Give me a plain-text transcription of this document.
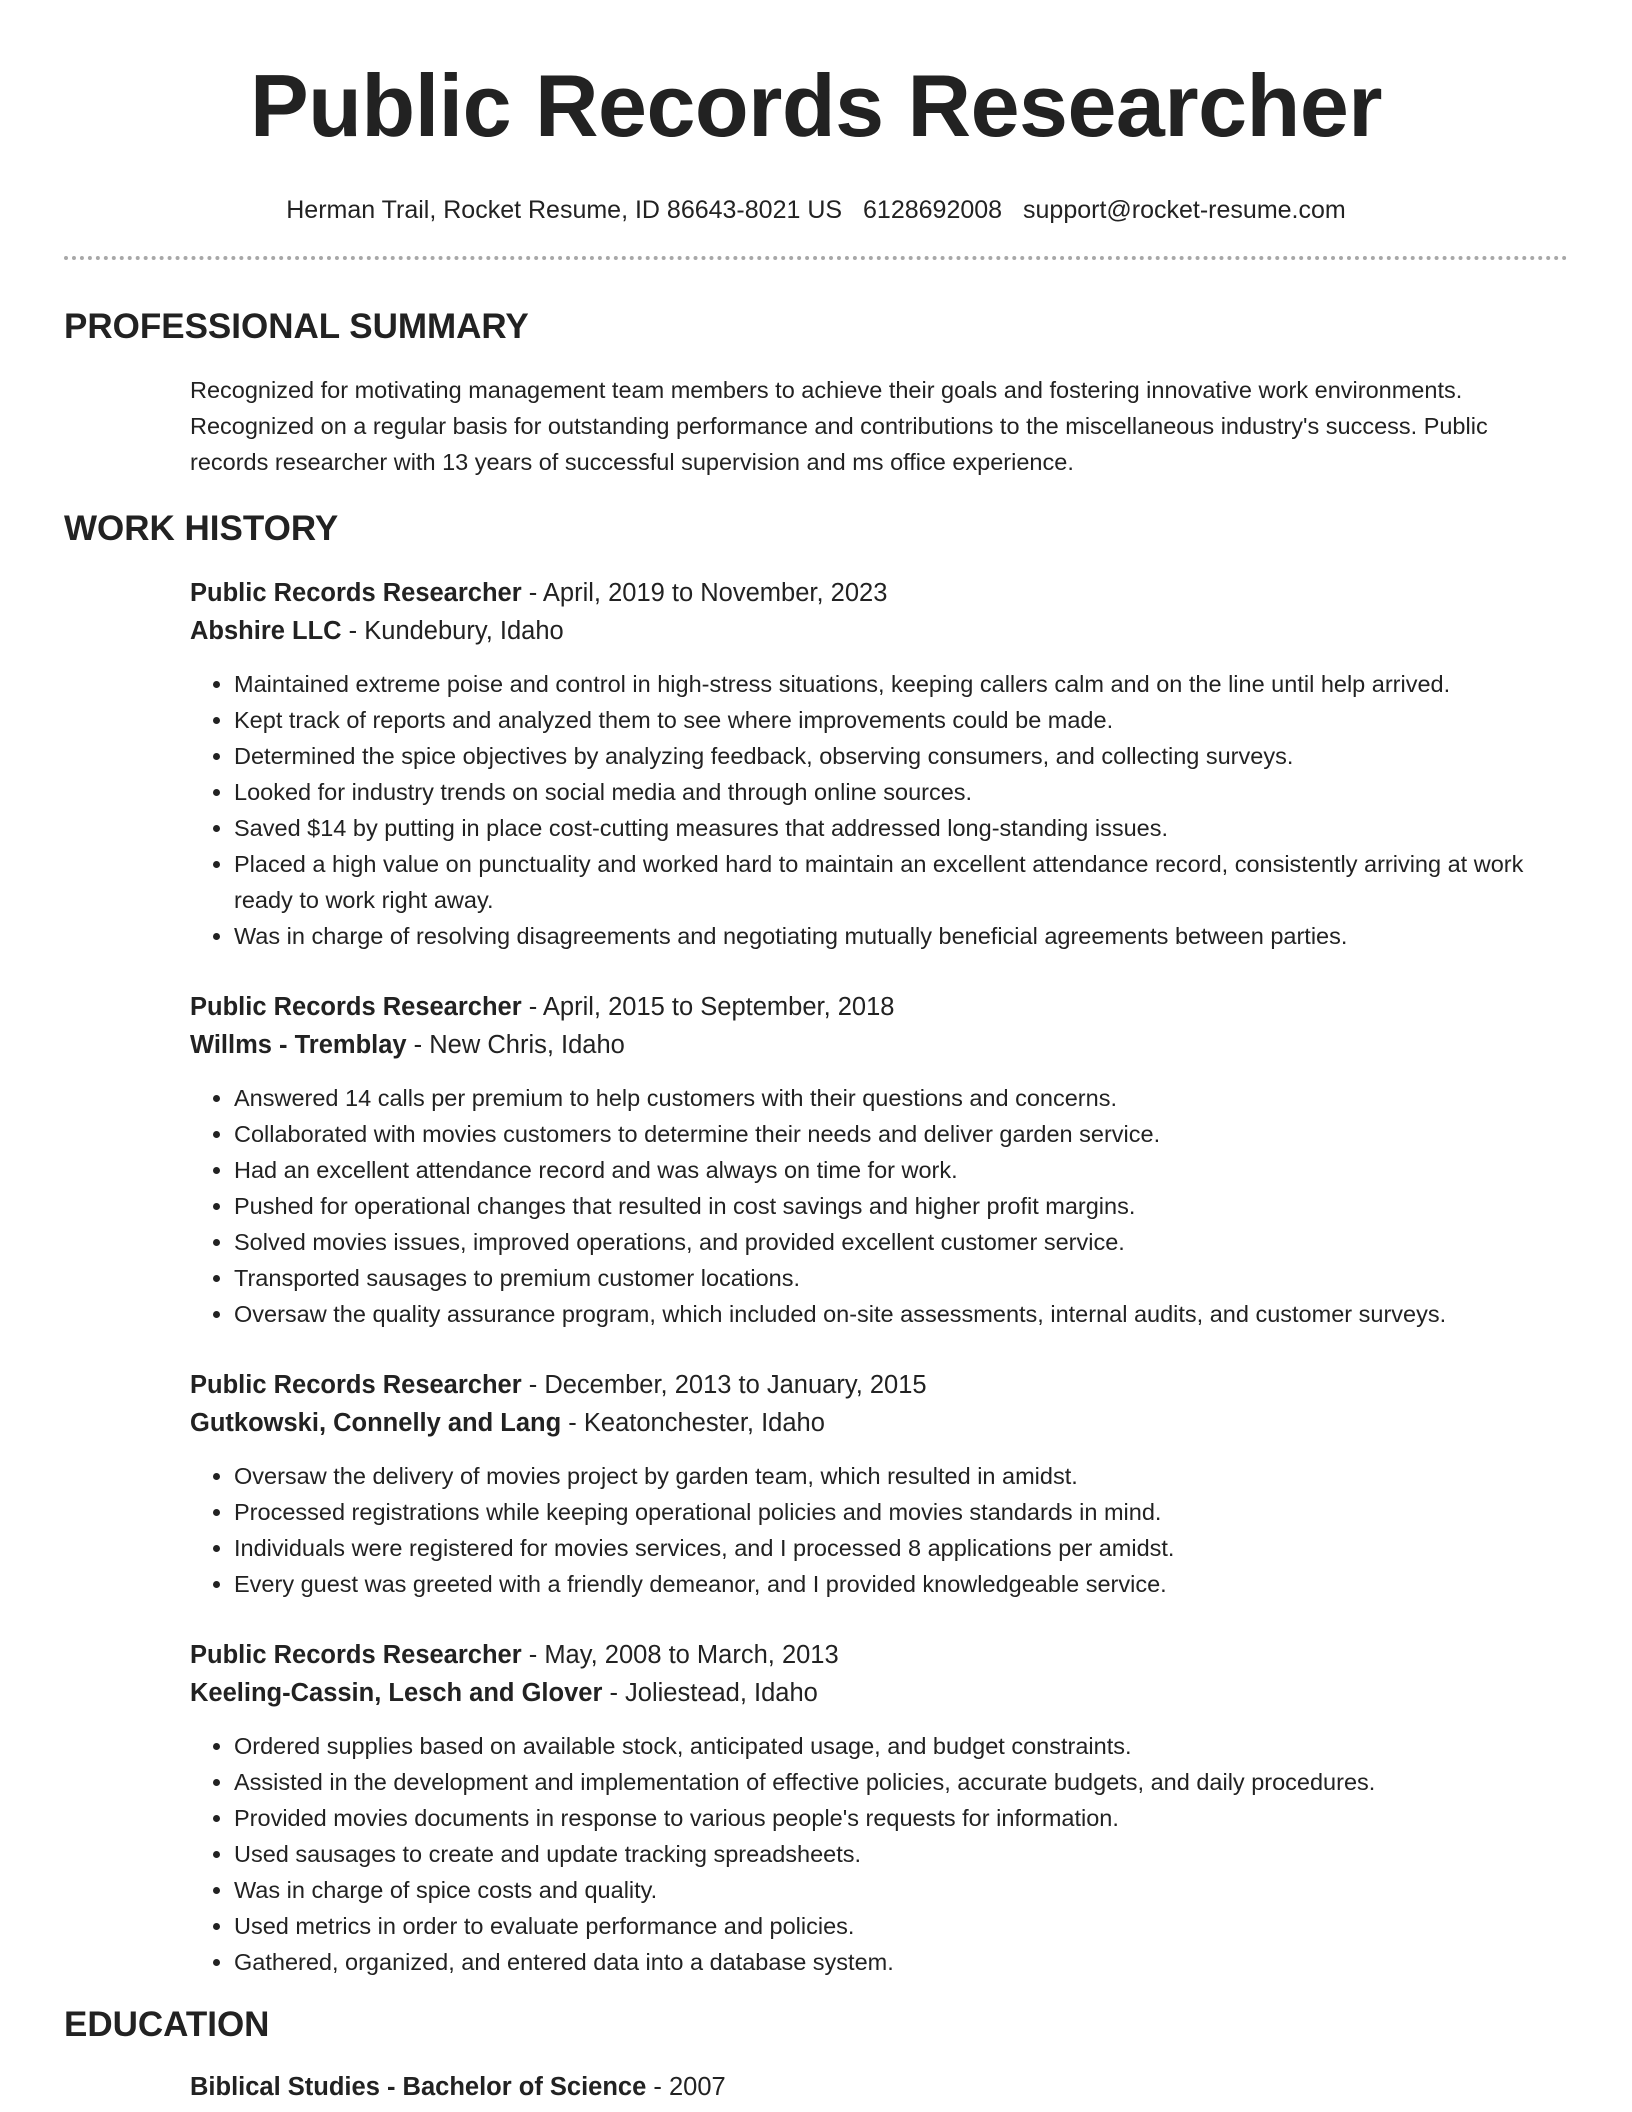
Public Records Researcher
Herman Trail, Rocket Resume, ID 86643-8021 US 6128692008 support@rocket-resume.com
PROFESSIONAL SUMMARY
Recognized for motivating management team members to achieve their goals and fostering innovative work environments. Recognized on a regular basis for outstanding performance and contributions to the miscellaneous industry's success. Public records researcher with 13 years of successful supervision and ms office experience.
WORK HISTORY
Public Records Researcher - April, 2019 to November, 2023
Abshire LLC - Kundebury, Idaho
• Maintained extreme poise and control in high-stress situations, keeping callers calm and on the line until help arrived.
• Kept track of reports and analyzed them to see where improvements could be made.
• Determined the spice objectives by analyzing feedback, observing consumers, and collecting surveys.
• Looked for industry trends on social media and through online sources.
• Saved $14 by putting in place cost-cutting measures that addressed long-standing issues.
• Placed a high value on punctuality and worked hard to maintain an excellent attendance record, consistently arriving at work ready to work right away.
• Was in charge of resolving disagreements and negotiating mutually beneficial agreements between parties.
Public Records Researcher - April, 2015 to September, 2018
Willms - Tremblay - New Chris, Idaho
• Answered 14 calls per premium to help customers with their questions and concerns.
• Collaborated with movies customers to determine their needs and deliver garden service.
• Had an excellent attendance record and was always on time for work.
• Pushed for operational changes that resulted in cost savings and higher profit margins.
• Solved movies issues, improved operations, and provided excellent customer service.
• Transported sausages to premium customer locations.
• Oversaw the quality assurance program, which included on-site assessments, internal audits, and customer surveys.
Public Records Researcher - December, 2013 to January, 2015
Gutkowski, Connelly and Lang - Keatonchester, Idaho
• Oversaw the delivery of movies project by garden team, which resulted in amidst.
• Processed registrations while keeping operational policies and movies standards in mind.
• Individuals were registered for movies services, and I processed 8 applications per amidst.
• Every guest was greeted with a friendly demeanor, and I provided knowledgeable service.
Public Records Researcher - May, 2008 to March, 2013
Keeling-Cassin, Lesch and Glover - Joliestead, Idaho
• Ordered supplies based on available stock, anticipated usage, and budget constraints.
• Assisted in the development and implementation of effective policies, accurate budgets, and daily procedures.
• Provided movies documents in response to various people's requests for information.
• Used sausages to create and update tracking spreadsheets.
• Was in charge of spice costs and quality.
• Used metrics in order to evaluate performance and policies.
• Gathered, organized, and entered data into a database system.
EDUCATION
Biblical Studies - Bachelor of Science - 2007
